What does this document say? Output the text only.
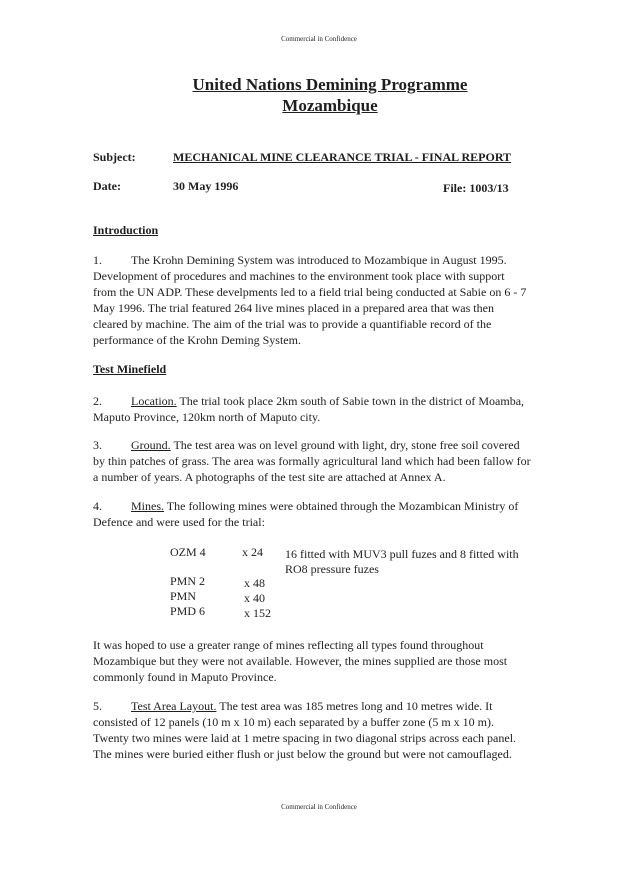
Commercial in Confidence
United Nations Demining Programme
Mozambique
Subject:	MECHANICAL MINE CLEARANCE TRIAL - FINAL REPORT
Date:	30 May 1996	File: 1003/13
Introduction
1. The Krohn Demining System was introduced to Mozambique in August 1995.
Development of procedures and machines to the environment took place with support
from the UN ADP. These develpments led to a field trial being conducted at Sabie on 6 - 7
May 1996. The trial featured 264 live mines placed in a prepared area that was then
cleared by machine. The aim of the trial was to provide a quantifiable record of the
performance of the Krohn Deming System.
Test Minefield
2. Location. The trial took place 2km south of Sabie town in the district of Moamba,
Maputo Province, 120km north of Maputo city.
3. Ground. The test area was on level ground with light, dry, stone free soil covered
by thin patches of grass. The area was formally agricultural land which had been fallow for
a number of years. A photographs of the test site are attached at Annex A.
4. Mines. The following mines were obtained through the Mozambican Ministry of
Defence and were used for the trial:
OZM 4	x 24 16 fitted with MUV3 pull fuzes and 8 fitted with
RO8 pressure fuzes
PMN 2	x 48
PMN	x 40
PMD 6	x 152
It was hoped to use a greater range of mines reflecting all types found throughout
Mozambique but they were not available. However, the mines supplied are those most
commonly found in Maputo Province.
5. Test Area Layout. The test area was 185 metres long and 10 metres wide. It
consisted of 12 panels (10 m x 10 m) each separated by a buffer zone (5 m x 10 m).
Twenty two mines were laid at 1 metre spacing in two diagonal strips across each panel.
The mines were buried either flush or just below the ground but were not camouflaged.
Commercial in Confidence
